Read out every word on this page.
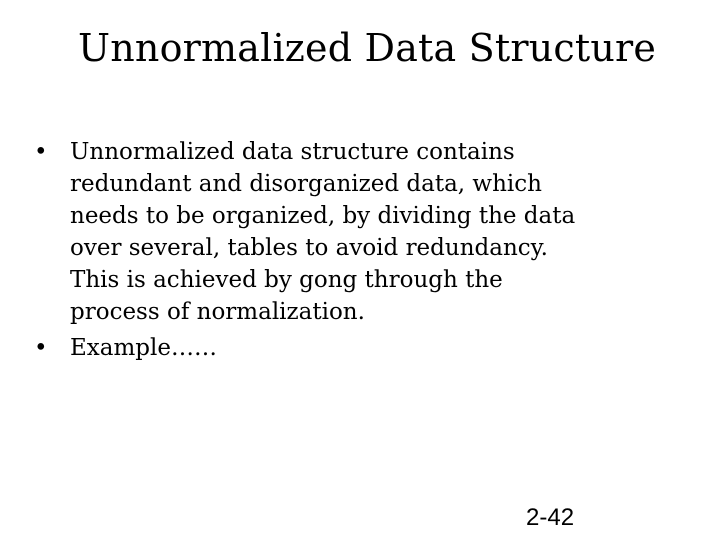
Unnormalized Data Structure
• Unnormalized data structure contains
redundant and disorganized data, which
needs to be organized, by dividing the data
over several, tables to avoid redundancy.
This is achieved by gong through the
process of normalization.
• Example……
2-42
